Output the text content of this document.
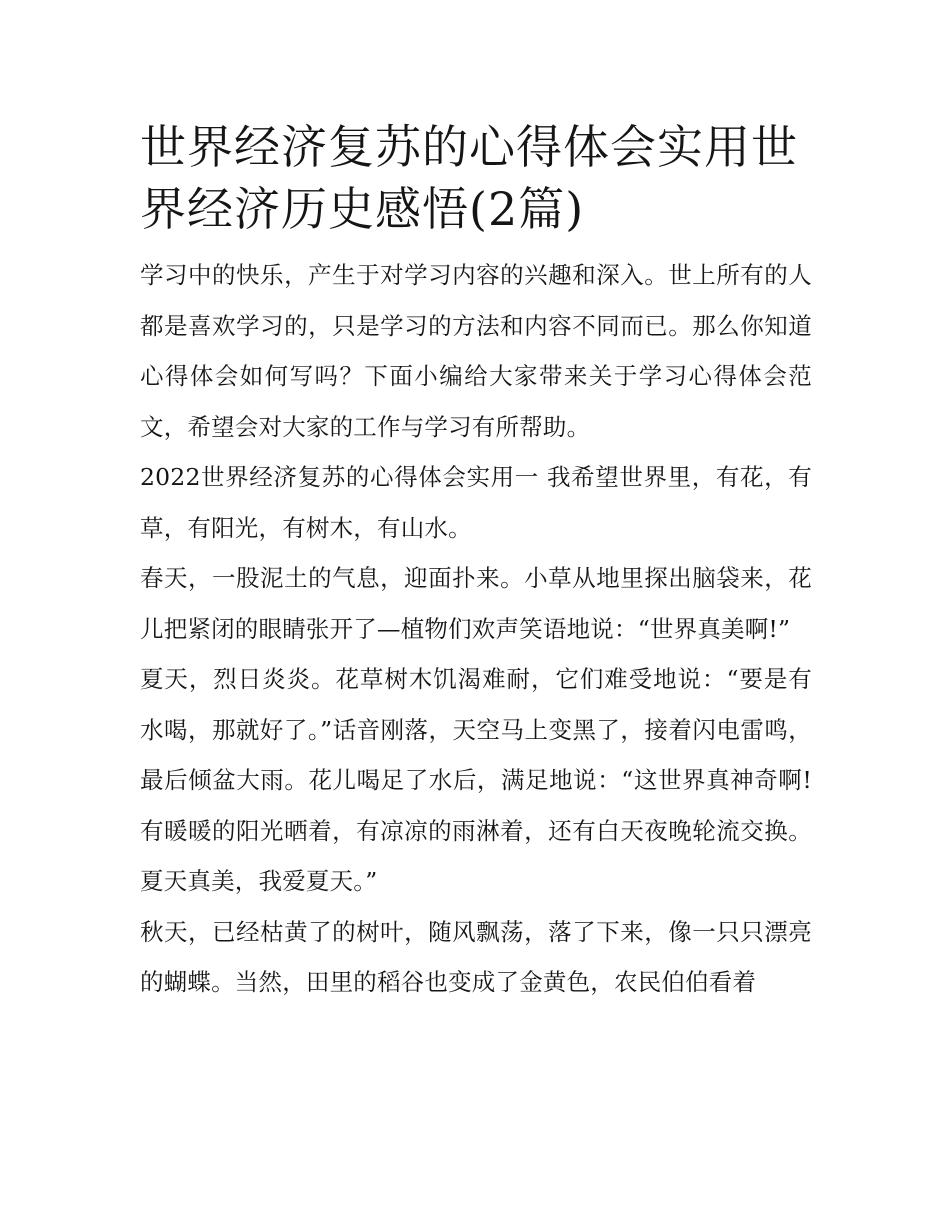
世界经济复苏的心得体会实用世界经济历史感悟(2篇)

学习中的快乐，产生于对学习内容的兴趣和深入。世上所有的人都是喜欢学习的，只是学习的方法和内容不同而已。那么你知道心得体会如何写吗？下面小编给大家带来关于学习心得体会范文，希望会对大家的工作与学习有所帮助。

2022世界经济复苏的心得体会实用一 我希望世界里，有花，有草，有阳光，有树木，有山水。

春天，一股泥土的气息，迎面扑来。小草从地里探出脑袋来，花儿把紧闭的眼睛张开了—植物们欢声笑语地说：“世界真美啊!”

夏天，烈日炎炎。花草树木饥渴难耐，它们难受地说：“要是有水喝，那就好了。”话音刚落，天空马上变黑了，接着闪电雷鸣，最后倾盆大雨。花儿喝足了水后，满足地说：“这世界真神奇啊!有暖暖的阳光晒着，有凉凉的雨淋着，还有白天夜晚轮流交换。夏天真美，我爱夏天。”

秋天，已经枯黄了的树叶，随风飘荡，落了下来，像一只只漂亮的蝴蝶。当然，田里的稻谷也变成了金黄色，农民伯伯看着
